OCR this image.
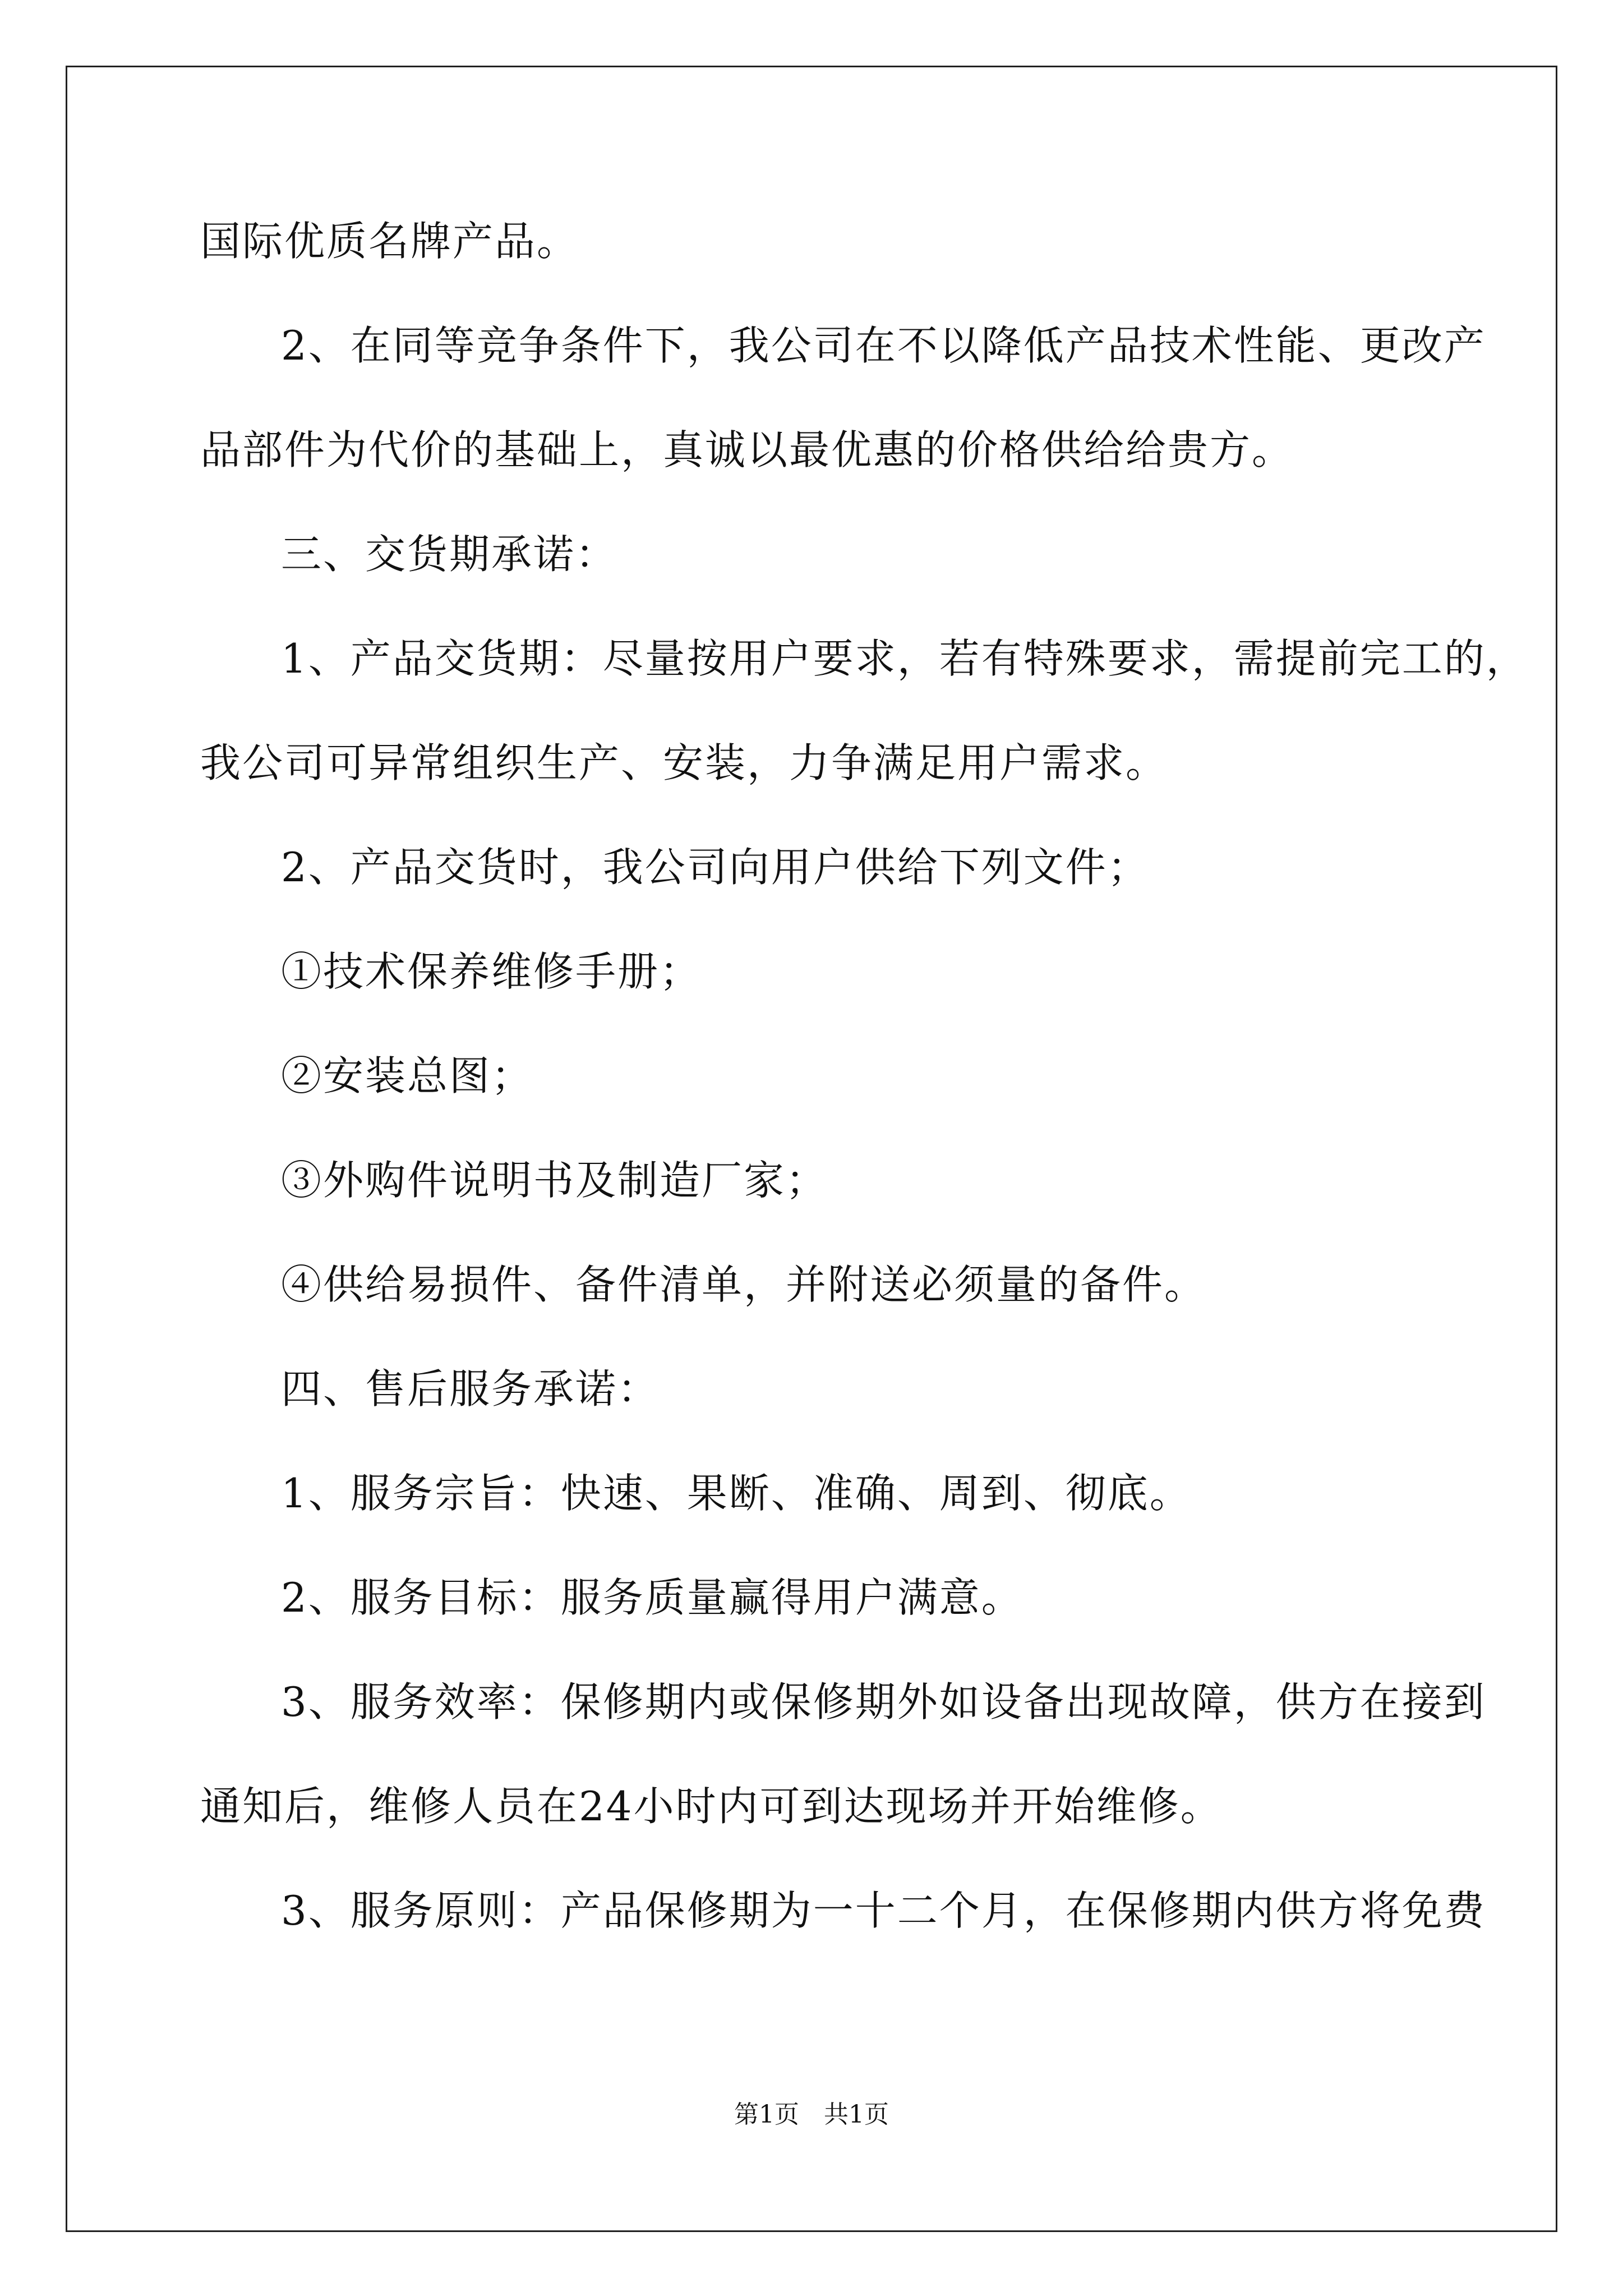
国际优质名牌产品。
2、在同等竞争条件下，我公司在不以降低产品技术性能、更改产
品部件为代价的基础上，真诚以最优惠的价格供给给贵方。
三、交货期承诺：
1、产品交货期：尽量按用户要求，若有特殊要求，需提前完工的，
我公司可异常组织生产、安装，力争满足用户需求。
2、产品交货时，我公司向用户供给下列文件；
①技术保养维修手册；
②安装总图；
③外购件说明书及制造厂家；
④供给易损件、备件清单，并附送必须量的备件。
四、售后服务承诺：
1、服务宗旨：快速、果断、准确、周到、彻底。
2、服务目标：服务质量赢得用户满意。
3、服务效率：保修期内或保修期外如设备出现故障，供方在接到
通知后，维修人员在24小时内可到达现场并开始维修。
3、服务原则：产品保修期为一十二个月，在保修期内供方将免费
第1页　共1页
